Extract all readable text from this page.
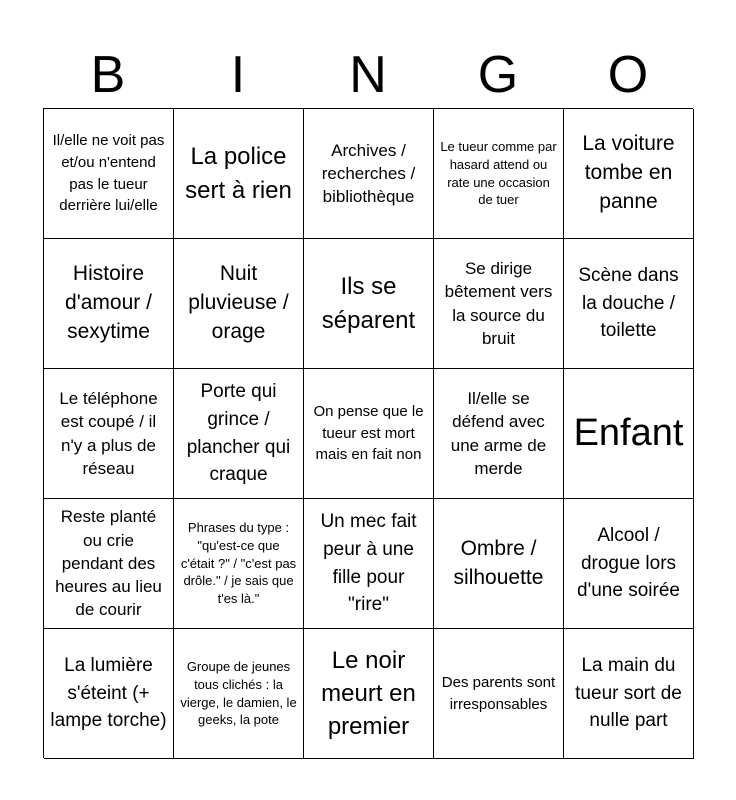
B	I	N	G	O
Il/elle ne voit pas et/ou n'entend pas le tueur derrière lui/elle
La police sert à rien
Archives / recherches / bibliothèque
Le tueur comme par hasard attend ou rate une occasion de tuer
La voiture tombe en panne
Histoire d'amour / sexytime
Nuit pluvieuse / orage
Ils se séparent
Se dirige bêtement vers la source du bruit
Scène dans la douche / toilette
Le téléphone est coupé / il n'y a plus de réseau
Porte qui grince / plancher qui craque
On pense que le tueur est mort mais en fait non
Il/elle se défend avec une arme de merde
Enfant
Reste planté ou crie pendant des heures au lieu de courir
Phrases du type : "qu'est-ce que c'était ?" / "c'est pas drôle." / je sais que t'es là."
Un mec fait peur à une fille pour "rire"
Ombre / silhouette
Alcool / drogue lors d'une soirée
La lumière s'éteint (+ lampe torche)
Groupe de jeunes tous clichés : la vierge, le damien, le geeks, la pote
Le noir meurt en premier
Des parents sont irresponsables
La main du tueur sort de nulle part
